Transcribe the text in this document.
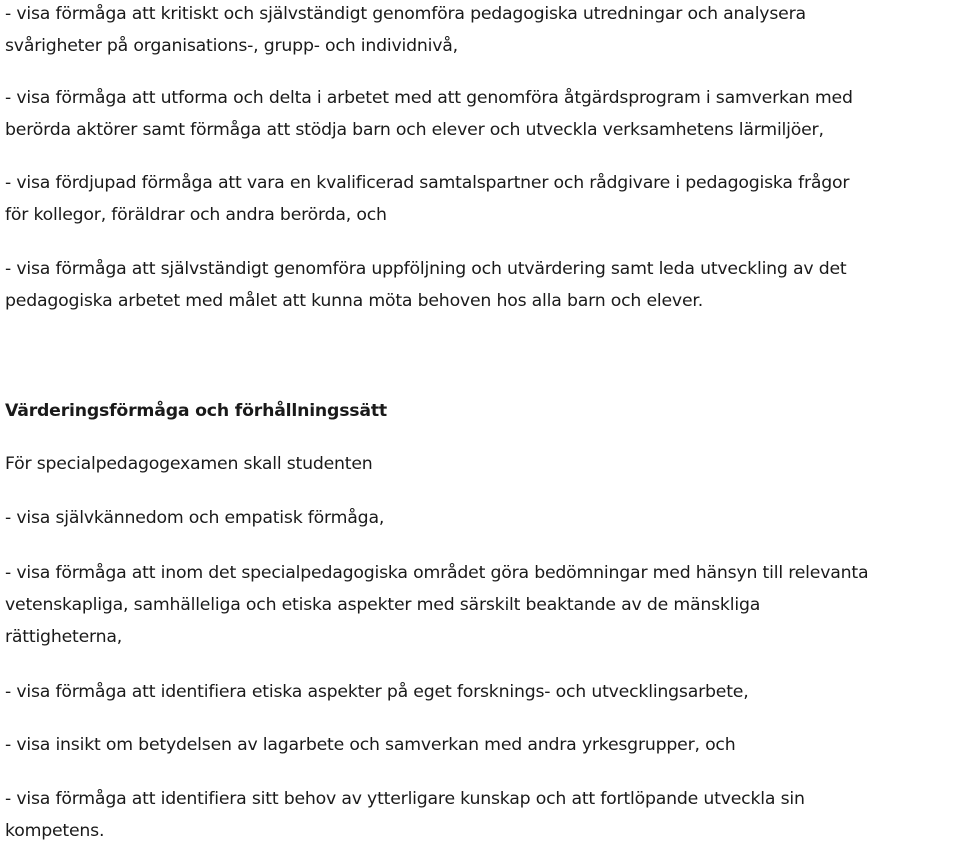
- visa förmåga att kritiskt och självständigt genomföra pedagogiska utredningar och analysera
svårigheter på organisations-, grupp- och individnivå,
- visa förmåga att utforma och delta i arbetet med att genomföra åtgärdsprogram i samverkan med
berörda aktörer samt förmåga att stödja barn och elever och utveckla verksamhetens lärmiljöer,
- visa fördjupad förmåga att vara en kvalificerad samtalspartner och rådgivare i pedagogiska frågor
för kollegor, föräldrar och andra berörda, och
- visa förmåga att självständigt genomföra uppföljning och utvärdering samt leda utveckling av det
pedagogiska arbetet med målet att kunna möta behoven hos alla barn och elever.
Värderingsförmåga och förhållningssätt
För specialpedagogexamen skall studenten
- visa självkännedom och empatisk förmåga,
- visa förmåga att inom det specialpedagogiska området göra bedömningar med hänsyn till relevanta
vetenskapliga, samhälleliga och etiska aspekter med särskilt beaktande av de mänskliga
rättigheterna,
- visa förmåga att identifiera etiska aspekter på eget forsknings- och utvecklingsarbete,
- visa insikt om betydelsen av lagarbete och samverkan med andra yrkesgrupper, och
- visa förmåga att identifiera sitt behov av ytterligare kunskap och att fortlöpande utveckla sin
kompetens.
